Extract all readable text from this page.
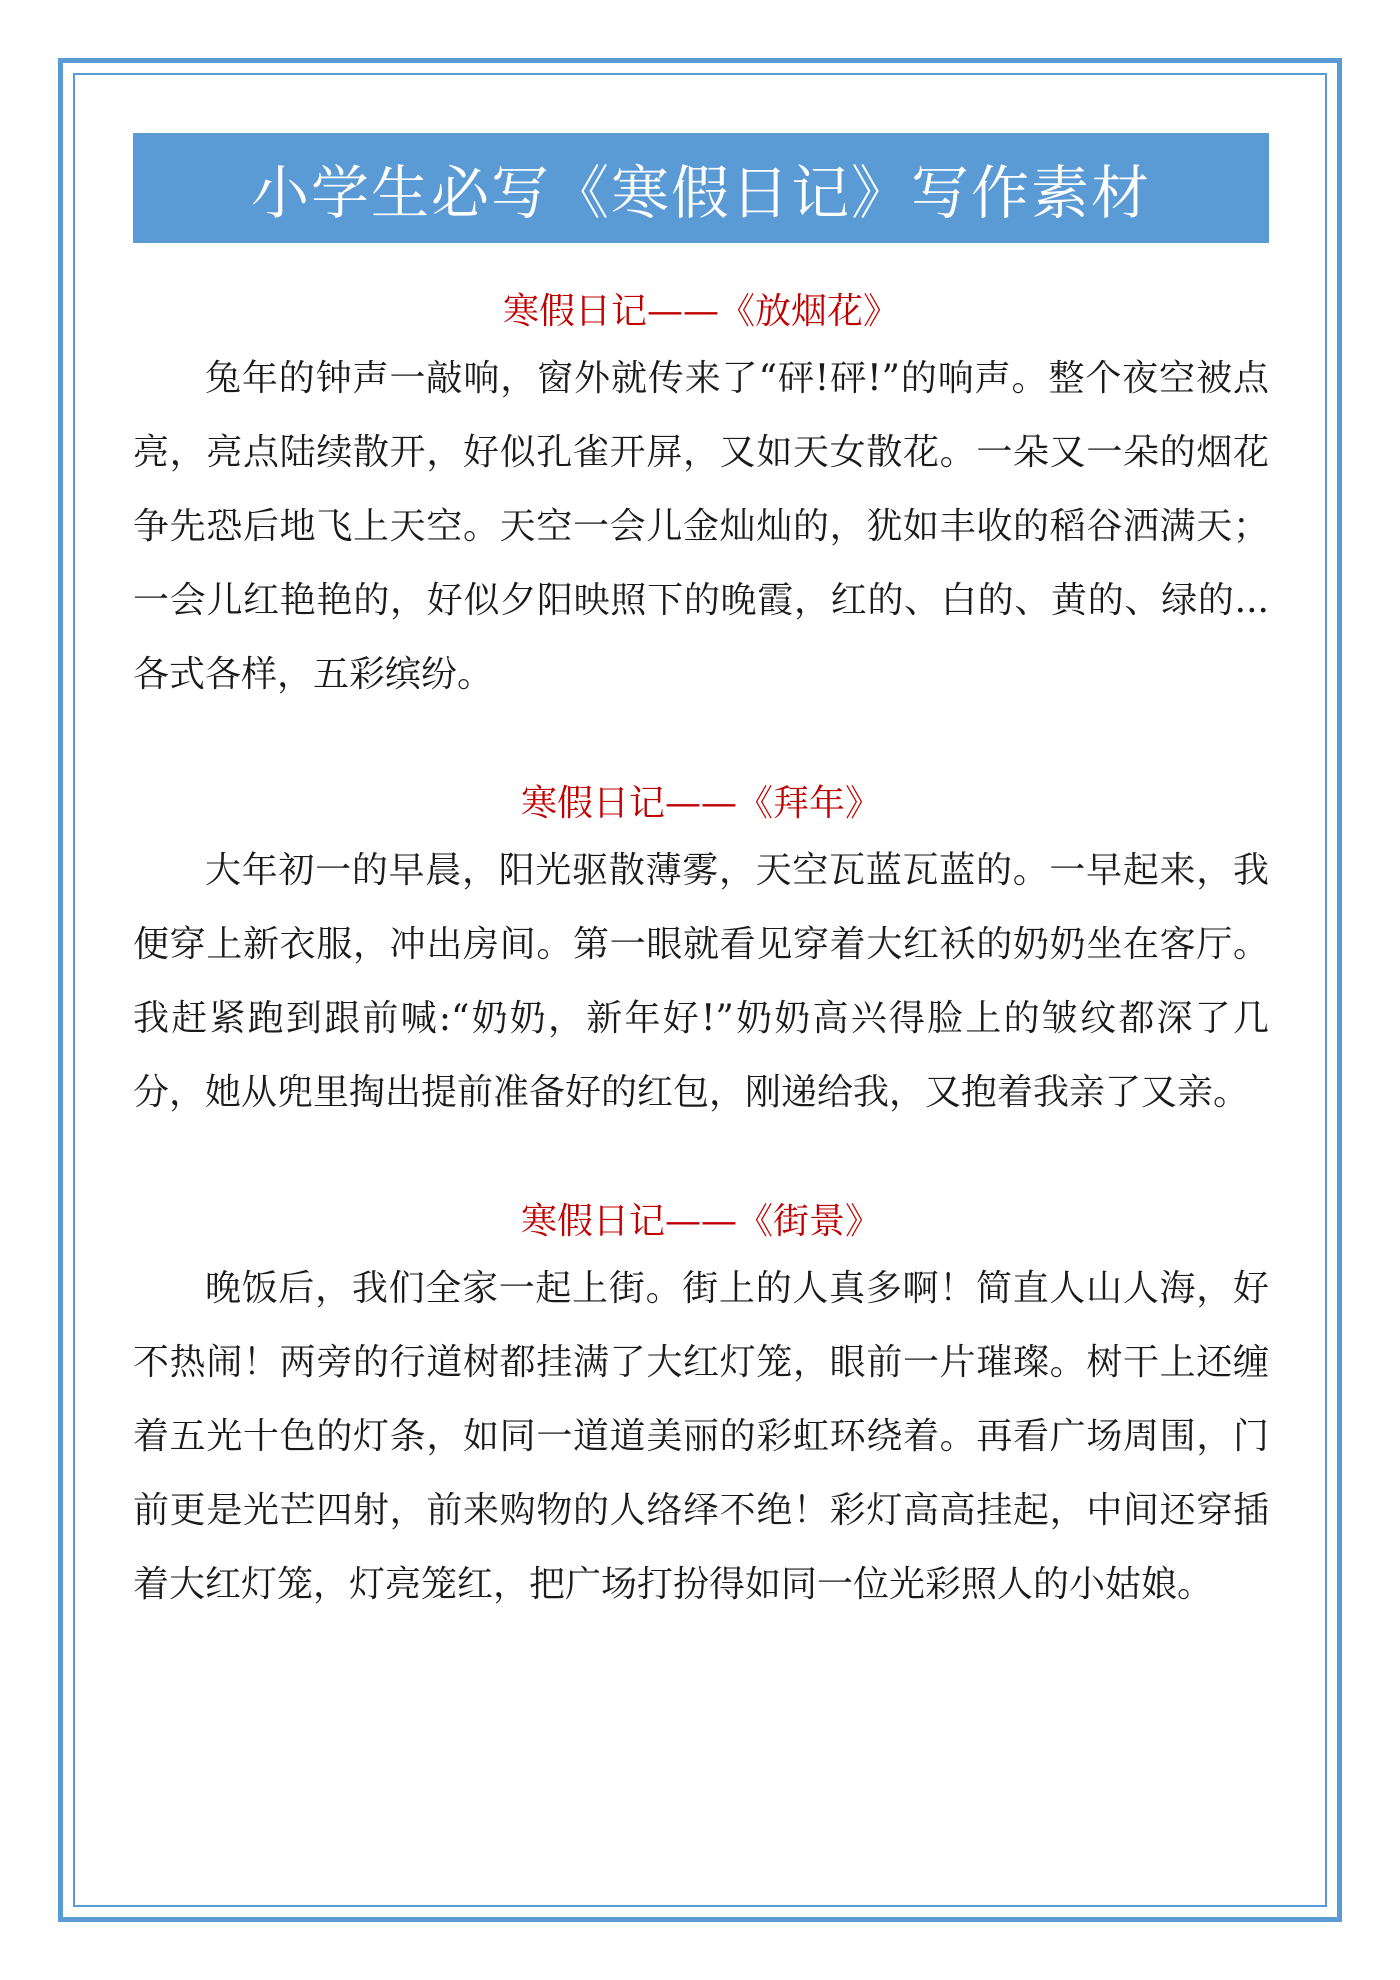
小学生必写《寒假日记》写作素材
寒假日记——《放烟花》

兔年的钟声一敲响，窗外就传来了“砰!砰!”的响声。整个夜空被点亮，亮点陆续散开，好似孔雀开屏，又如天女散花。一朵又一朵的烟花争先恐后地飞上天空。天空一会儿金灿灿的，犹如丰收的稻谷洒满天；一会儿红艳艳的，好似夕阳映照下的晚霞，红的、白的、黄的、绿的...各式各样，五彩缤纷。

寒假日记——《拜年》

大年初一的早晨，阳光驱散薄雾，天空瓦蓝瓦蓝的。一早起来，我便穿上新衣服，冲出房间。第一眼就看见穿着大红袄的奶奶坐在客厅。我赶紧跑到跟前喊:“奶奶，新年好!”奶奶高兴得脸上的皱纹都深了几分，她从兜里掏出提前准备好的红包，刚递给我，又抱着我亲了又亲。

寒假日记——《街景》

晚饭后，我们全家一起上街。街上的人真多啊！简直人山人海，好不热闹！两旁的行道树都挂满了大红灯笼，眼前一片璀璨。树干上还缠着五光十色的灯条，如同一道道美丽的彩虹环绕着。再看广场周围，门前更是光芒四射，前来购物的人络绎不绝！彩灯高高挂起，中间还穿插着大红灯笼，灯亮笼红，把广场打扮得如同一位光彩照人的小姑娘。
